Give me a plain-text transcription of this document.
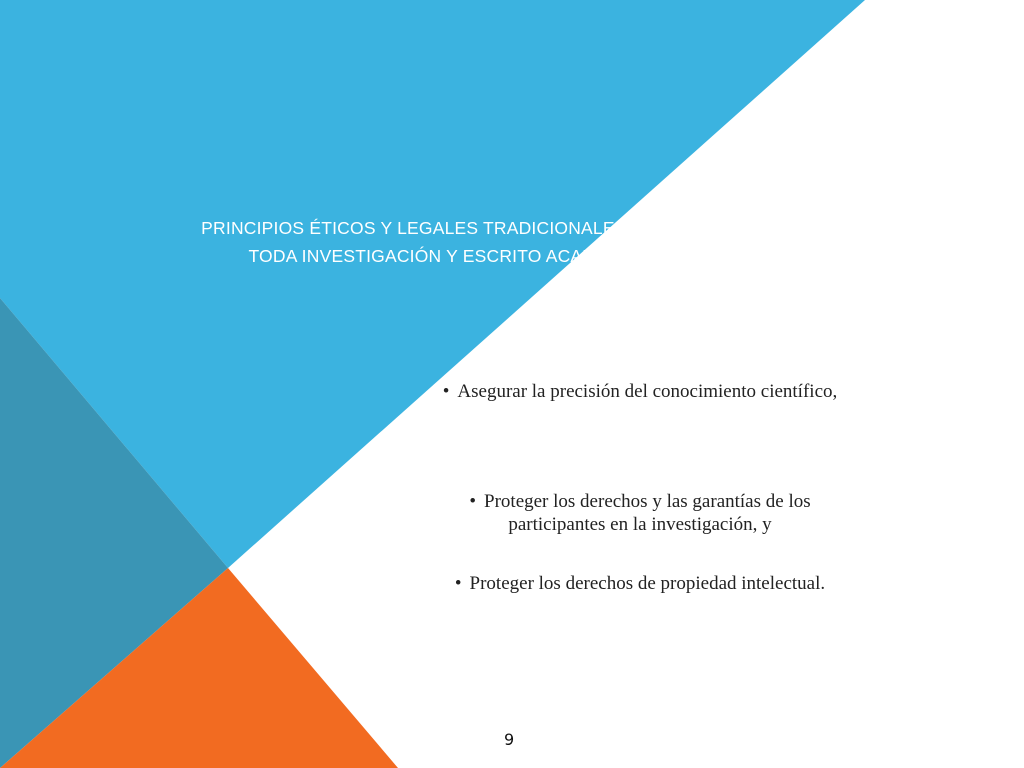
PRINCIPIOS ÉTICOS Y LEGALES TRADICIONALES PARA
TODA INVESTIGACIÓN Y ESCRITO ACADÉMICO
• Asegurar la precisión del conocimiento científico,
• Proteger los derechos y las garantías de los participantes en la investigación, y
• Proteger los derechos de propiedad intelectual.
9
